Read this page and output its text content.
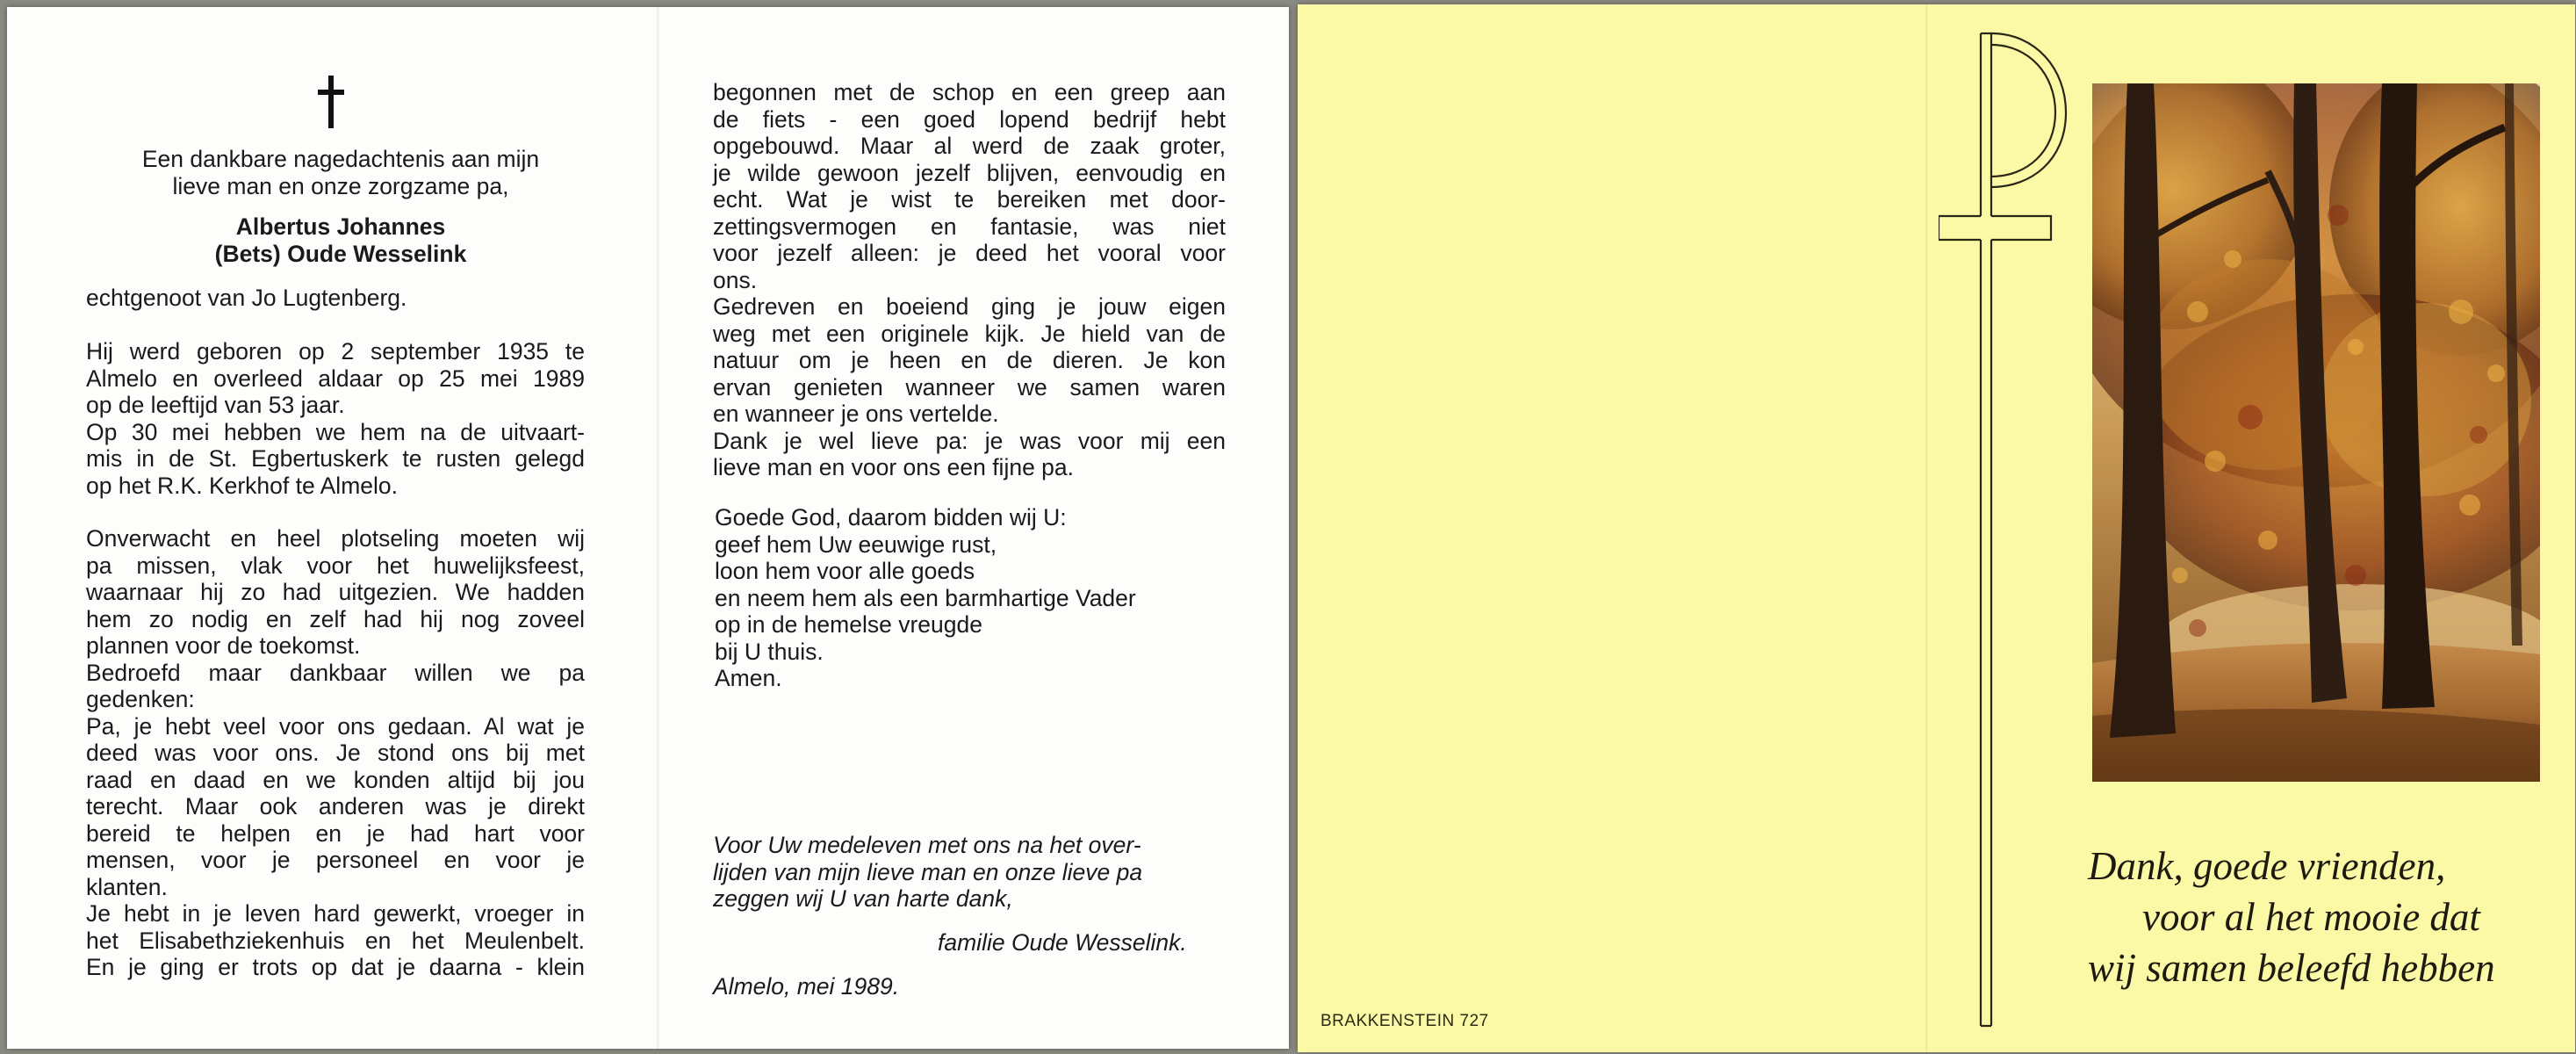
Een dankbare nagedachtenis aan mijn
lieve man en onze zorgzame pa,
Albertus Johannes
(Bets) Oude Wesselink
echtgenoot van Jo Lugtenberg.
Hij werd geboren op 2 september 1935 te
Almelo en overleed aldaar op 25 mei 1989
op de leeftijd van 53 jaar.
Op 30 mei hebben we hem na de uitvaart-
mis in de St. Egbertuskerk te rusten gelegd
op het R.K. Kerkhof te Almelo.
Onverwacht en heel plotseling moeten wij
pa missen, vlak voor het huwelijksfeest,
waarnaar hij zo had uitgezien. We hadden
hem zo nodig en zelf had hij nog zoveel
plannen voor de toekomst.
Bedroefd maar dankbaar willen we pa
gedenken:
Pa, je hebt veel voor ons gedaan. Al wat je
deed was voor ons. Je stond ons bij met
raad en daad en we konden altijd bij jou
terecht. Maar ook anderen was je direkt
bereid te helpen en je had hart voor
mensen, voor je personeel en voor je
klanten.
Je hebt in je leven hard gewerkt, vroeger in
het Elisabethziekenhuis en het Meulenbelt.
En je ging er trots op dat je daarna - klein
begonnen met de schop en een greep aan
de fiets - een goed lopend bedrijf hebt
opgebouwd. Maar al werd de zaak groter,
je wilde gewoon jezelf blijven, eenvoudig en
echt. Wat je wist te bereiken met door-
zettingsvermogen en fantasie, was niet
voor jezelf alleen: je deed het vooral voor
ons.
Gedreven en boeiend ging je jouw eigen
weg met een originele kijk. Je hield van de
natuur om je heen en de dieren. Je kon
ervan genieten wanneer we samen waren
en wanneer je ons vertelde.
Dank je wel lieve pa: je was voor mij een
lieve man en voor ons een fijne pa.
Goede God, daarom bidden wij U:
geef hem Uw eeuwige rust,
loon hem voor alle goeds
en neem hem als een barmhartige Vader
op in de hemelse vreugde
bij U thuis.
Amen.
Voor Uw medeleven met ons na het over-
lijden van mijn lieve man en onze lieve pa
zeggen wij U van harte dank,
familie Oude Wesselink.
Almelo, mei 1989.
BRAKKENSTEIN 727
Dank, goede vrienden,
voor al het mooie dat
wij samen beleefd hebben
